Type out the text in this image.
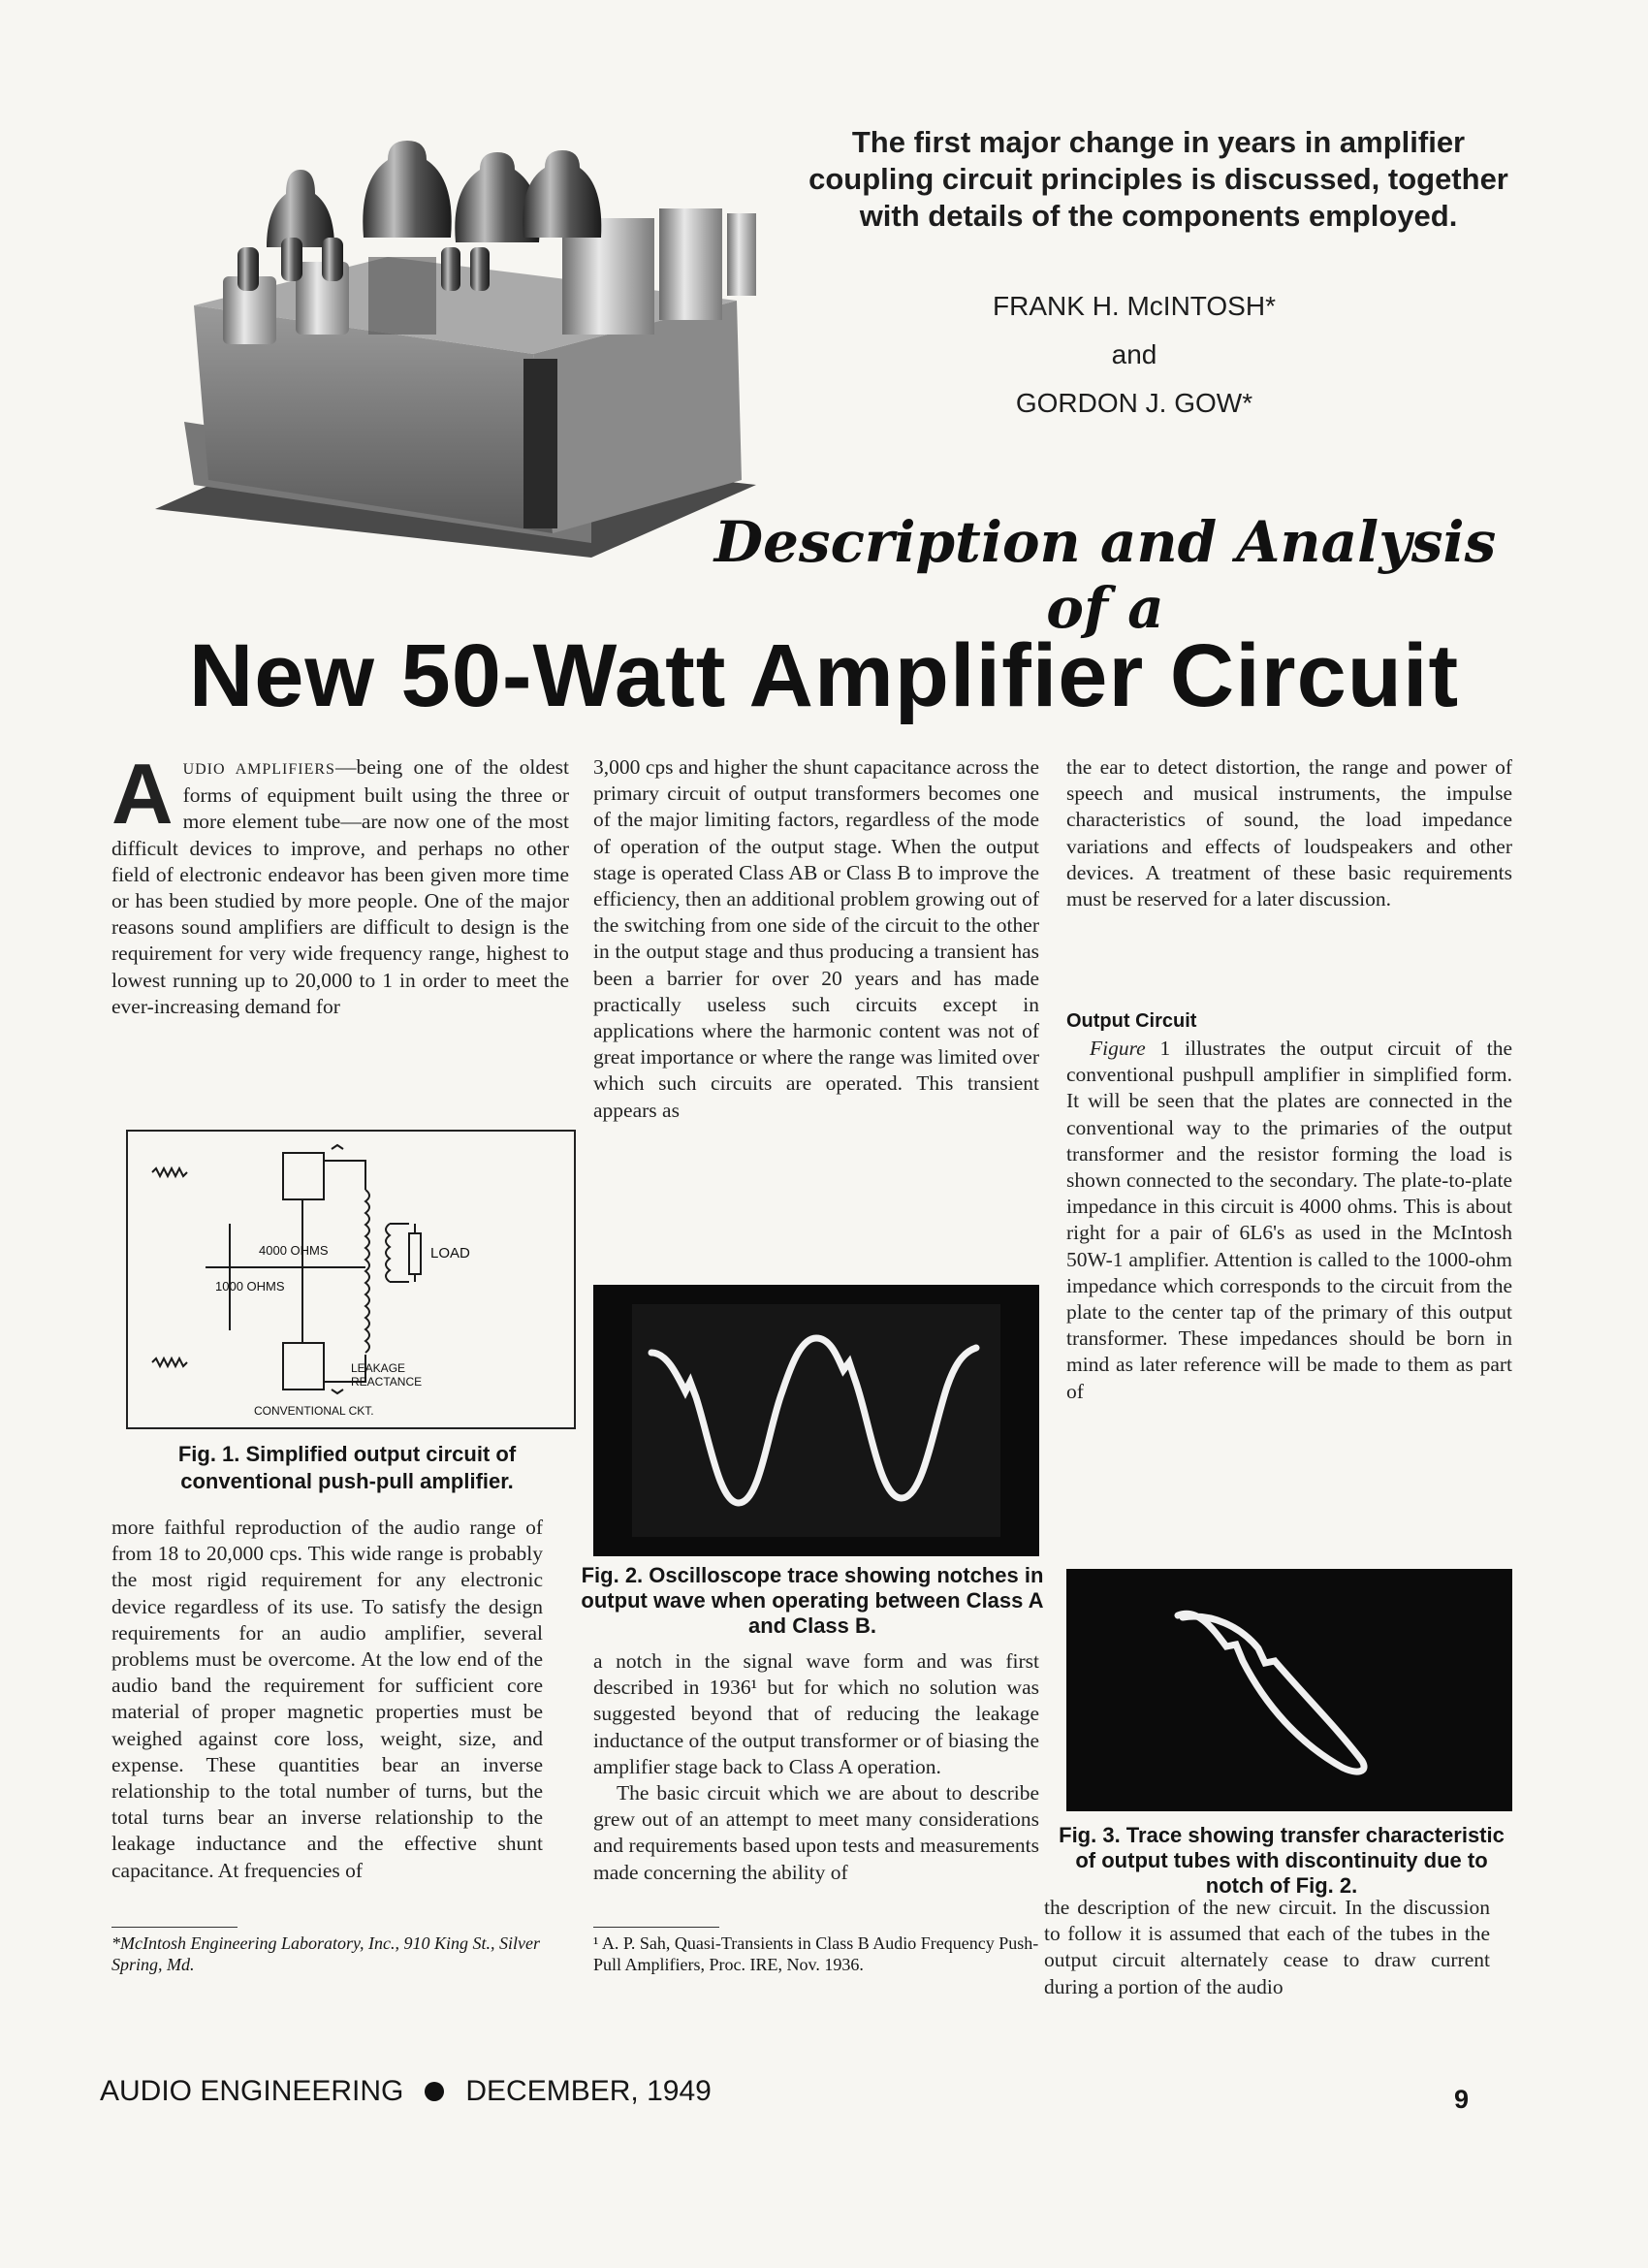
The first major change in years in amplifier coupling circuit principles is discussed, together with details of the components employed.
FRANK H. McINTOSH*
and
GORDON J. GOW*
Description and Analysis of a
New 50-Watt Amplifier Circuit

AUDIO AMPLIFIERS—being one of the oldest forms of equipment built using the three or more element tube—are now one of the most difficult devices to improve, and perhaps no other field of electronic endeavor has been given more time or has been studied by more people. One of the major reasons sound amplifiers are difficult to design is the requirement for very wide frequency range, highest to lowest running up to 20,000 to 1 in order to meet the ever-increasing demand for

4000 OHMS
1000 OHMS
LOAD
LEAKAGE
REACTANCE
CONVENTIONAL CKT.
Fig. 1. Simplified output circuit of conventional push-pull amplifier.

more faithful reproduction of the audio range of from 18 to 20,000 cps. This wide range is probably the most rigid requirement for any electronic device regardless of its use. To satisfy the design requirements for an audio amplifier, several problems must be overcome. At the low end of the audio band the requirement for sufficient core material of proper magnetic properties must be weighed against core loss, weight, size, and expense. These quantities bear an inverse relationship to the total number of turns, but the total turns bear an inverse relationship to the leakage inductance and the effective shunt capacitance. At frequencies of

*McIntosh Engineering Laboratory, Inc., 910 King St., Silver Spring, Md.

3,000 cps and higher the shunt capacitance across the primary circuit of output transformers becomes one of the major limiting factors, regardless of the mode of operation of the output stage. When the output stage is operated Class AB or Class B to improve the efficiency, then an additional problem growing out of the switching from one side of the circuit to the other in the output stage and thus producing a transient has been a barrier for over 20 years and has made practically useless such circuits except in applications where the harmonic content was not of great importance or where the range was limited over which such circuits are operated. This transient appears as

Fig. 2. Oscilloscope trace showing notches in output wave when operating between Class A and Class B.

a notch in the signal wave form and was first described in 1936¹ but for which no solution was suggested beyond that of reducing the leakage inductance of the output transformer or of biasing the amplifier stage back to Class A operation.

The basic circuit which we are about to describe grew out of an attempt to meet many considerations and requirements based upon tests and measurements made concerning the ability of

¹ A. P. Sah, Quasi-Transients in Class B Audio Frequency Push-Pull Amplifiers, Proc. IRE, Nov. 1936.

the ear to detect distortion, the range and power of speech and musical instruments, the impulse characteristics of sound, the load impedance variations and effects of loudspeakers and other devices. A treatment of these basic requirements must be reserved for a later discussion.

Output Circuit

Figure 1 illustrates the output circuit of the conventional pushpull amplifier in simplified form. It will be seen that the plates are connected in the conventional way to the primaries of the output transformer and the resistor forming the load is shown connected to the secondary. The plate-to-plate impedance in this circuit is 4000 ohms. This is about right for a pair of 6L6's as used in the McIntosh 50W-1 amplifier. Attention is called to the 1000-ohm impedance which corresponds to the circuit from the plate to the center tap of the primary of this output transformer. These impedances should be born in mind as later reference will be made to them as part of

Fig. 3. Trace showing transfer characteristic of output tubes with discontinuity due to notch of Fig. 2.

the description of the new circuit. In the discussion to follow it is assumed that each of the tubes in the output circuit alternately cease to draw current during a portion of the audio

AUDIO ENGINEERING DECEMBER, 1949	9
